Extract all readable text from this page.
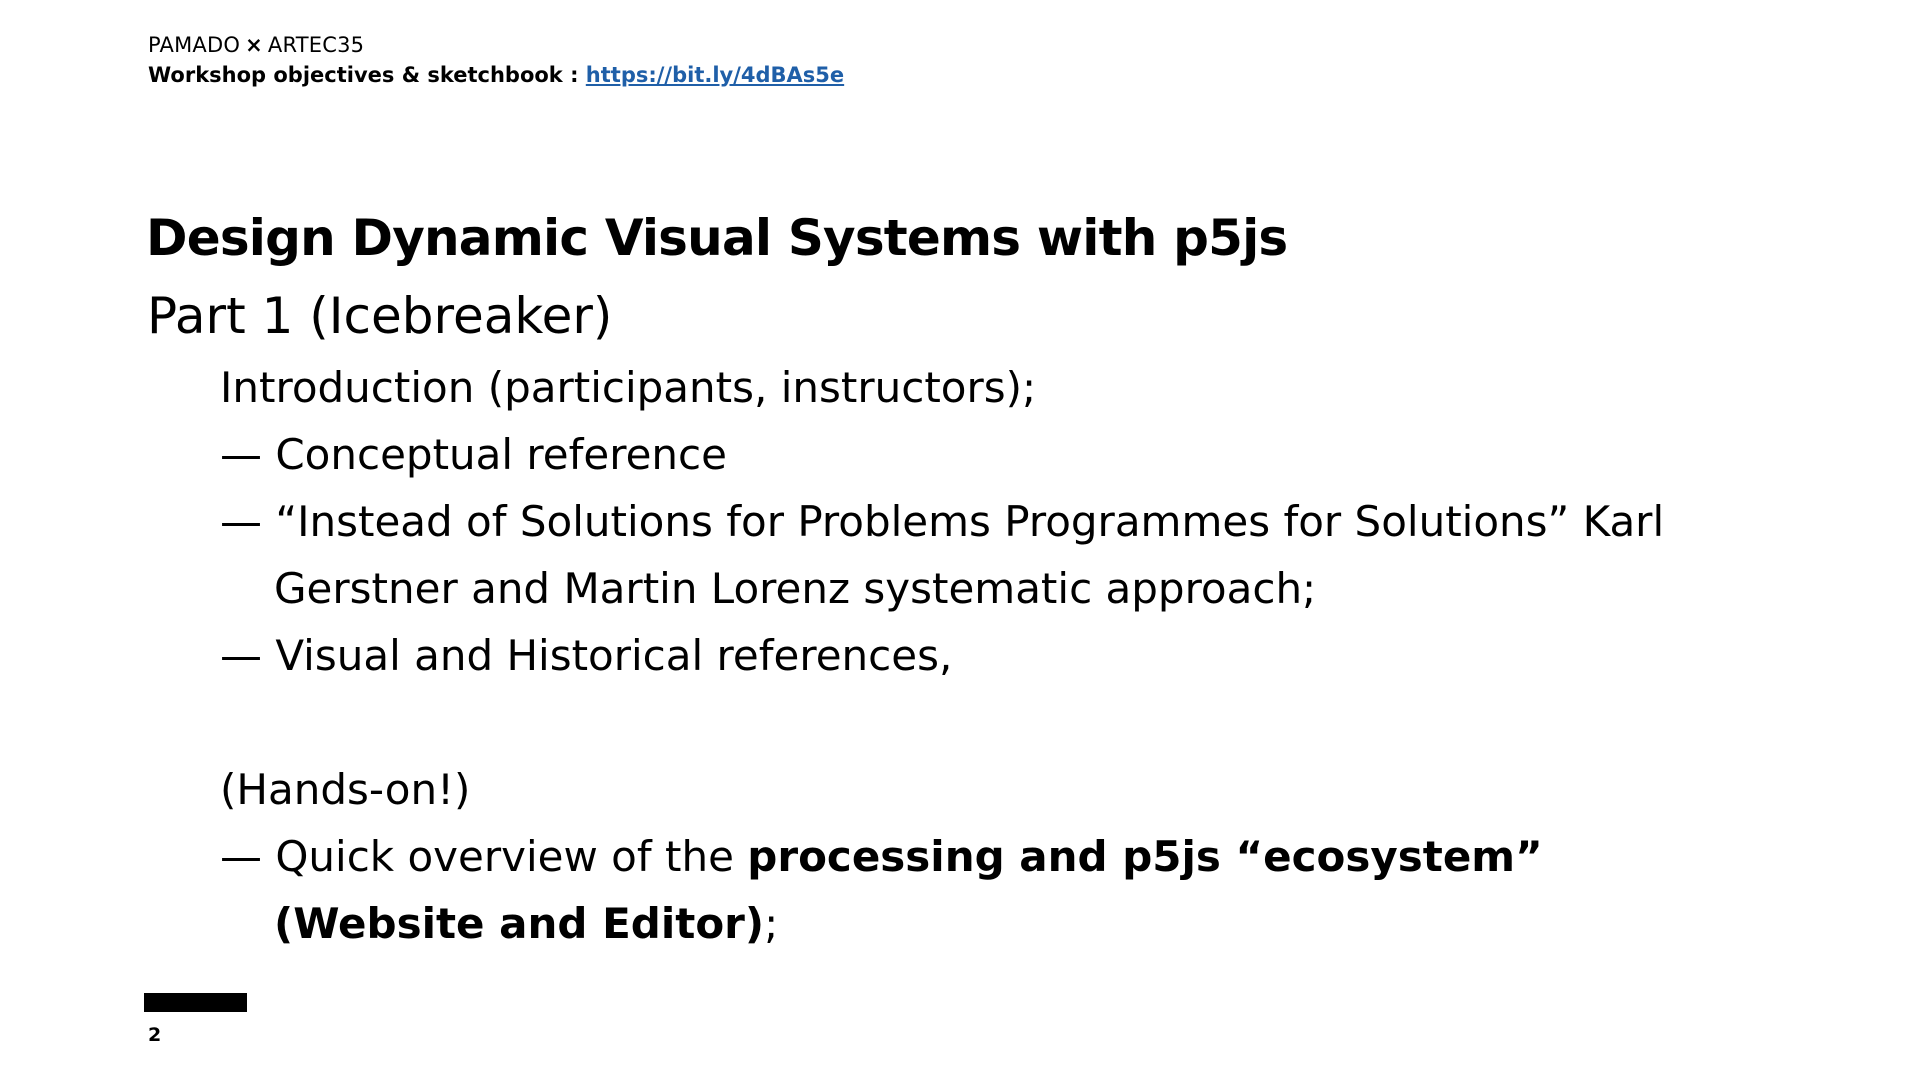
PAMADO × ARTEC35
Workshop objectives & sketchbook : https://bit.ly/4dBAs5e
Design Dynamic Visual Systems with p5js
Part 1 (Icebreaker)
Introduction (participants, instructors);
— Conceptual reference
— “Instead of Solutions for Problems Programmes for Solutions” Karl
Gerstner and Martin Lorenz systematic approach;
— Visual and Historical references,
(Hands-on!)
— Quick overview of the processing and p5js “ecosystem”
(Website and Editor);
2
